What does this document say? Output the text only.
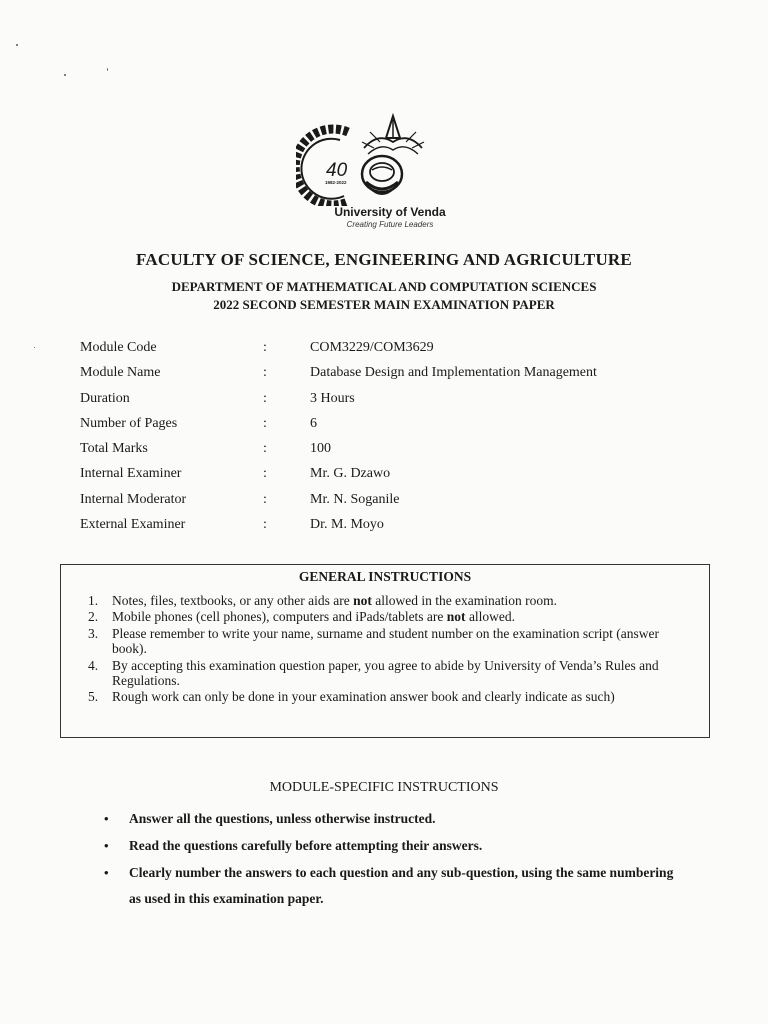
40
1982-2022
University of Venda
Creating Future Leaders
FACULTY OF SCIENCE, ENGINEERING AND AGRICULTURE
DEPARTMENT OF MATHEMATICAL AND COMPUTATION SCIENCES
2022 SECOND SEMESTER MAIN EXAMINATION PAPER
Module Code	:	COM3229/COM3629
Module Name	:	Database Design and Implementation Management
Duration	:	3 Hours
Number of Pages	:	6
Total Marks	:	100
Internal Examiner	:	Mr. G. Dzawo
Internal Moderator	:	Mr. N. Soganile
External Examiner	:	Dr. M. Moyo
GENERAL INSTRUCTIONS
1. Notes, files, textbooks, or any other aids are not allowed in the examination room.
2. Mobile phones (cell phones), computers and iPads/tablets are not allowed.
3. Please remember to write your name, surname and student number on the examination script (answer book).
4. By accepting this examination question paper, you agree to abide by University of Venda’s Rules and Regulations.
5. Rough work can only be done in your examination answer book and clearly indicate as such)
MODULE-SPECIFIC INSTRUCTIONS
• Answer all the questions, unless otherwise instructed.
• Read the questions carefully before attempting their answers.
• Clearly number the answers to each question and any sub-question, using the same numbering as used in this examination paper.
